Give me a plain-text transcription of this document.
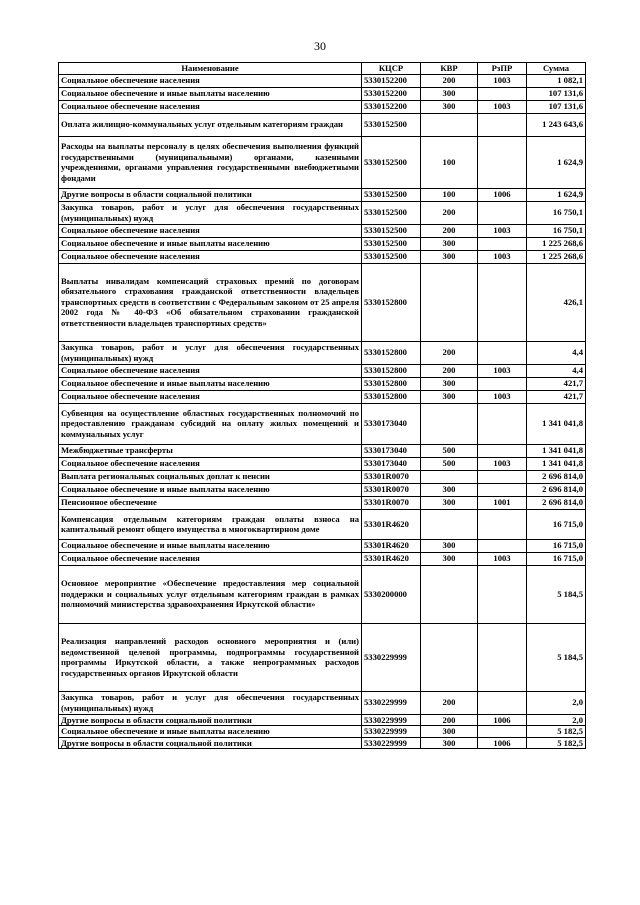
30
Наименование	КЦСР	КВР	РзПР	Сумма
Социальное обеспечение населения	5330152200	200	1003	1 082,1
Социальное обеспечение и иные выплаты населению	5330152200	300		107 131,6
Социальное обеспечение населения	5330152200	300	1003	107 131,6
Оплата жилищно-коммунальных услуг отдельным категориям граждан	5330152500			1 243 643,6
Расходы на выплаты персоналу в целях обеспечения выполнения функций государственными (муниципальными) органами, казенными учреждениями, органами управления государственными внебюджетными фондами	5330152500	100		1 624,9
Другие вопросы в области социальной политики	5330152500	100	1006	1 624,9
Закупка товаров, работ и услуг для обеспечения государственных (муниципальных) нужд	5330152500	200		16 750,1
Социальное обеспечение населения	5330152500	200	1003	16 750,1
Социальное обеспечение и иные выплаты населению	5330152500	300		1 225 268,6
Социальное обеспечение населения	5330152500	300	1003	1 225 268,6
Выплаты инвалидам компенсаций страховых премий по договорам обязательного страхования гражданской ответственности владельцев транспортных средств в соответствии с Федеральным законом от 25 апреля 2002 года № 40-ФЗ «Об обязательном страховании гражданской ответственности владельцев транспортных средств»	5330152800			426,1
Закупка товаров, работ и услуг для обеспечения государственных (муниципальных) нужд	5330152800	200		4,4
Социальное обеспечение населения	5330152800	200	1003	4,4
Социальное обеспечение и иные выплаты населению	5330152800	300		421,7
Социальное обеспечение населения	5330152800	300	1003	421,7
Субвенция на осуществление областных государственных полномочий по предоставлению гражданам субсидий на оплату жилых помещений и коммунальных услуг	5330173040			1 341 041,8
Межбюджетные трансферты	5330173040	500		1 341 041,8
Социальное обеспечение населения	5330173040	500	1003	1 341 041,8
Выплата региональных социальных доплат к пенсии	53301R0070			2 696 814,0
Социальное обеспечение и иные выплаты населению	53301R0070	300		2 696 814,0
Пенсионное обеспечение	53301R0070	300	1001	2 696 814,0
Компенсация отдельным категориям граждан оплаты взноса на капитальный ремонт общего имущества в многоквартирном доме	53301R4620			16 715,0
Социальное обеспечение и иные выплаты населению	53301R4620	300		16 715,0
Социальное обеспечение населения	53301R4620	300	1003	16 715,0
Основное мероприятие «Обеспечение предоставления мер социальной поддержки и социальных услуг отдельным категориям граждан в рамках полномочий министерства здравоохранения Иркутской области»	5330200000			5 184,5
Реализация направлений расходов основного мероприятия и (или) ведомственной целевой программы, подпрограммы государственной программы Иркутской области, а также непрограммных расходов государственных органов Иркутской области	5330229999			5 184,5
Закупка товаров, работ и услуг для обеспечения государственных (муниципальных) нужд	5330229999	200		2,0
Другие вопросы в области социальной политики	5330229999	200	1006	2,0
Социальное обеспечение и иные выплаты населению	5330229999	300		5 182,5
Другие вопросы в области социальной политики	5330229999	300	1006	5 182,5
